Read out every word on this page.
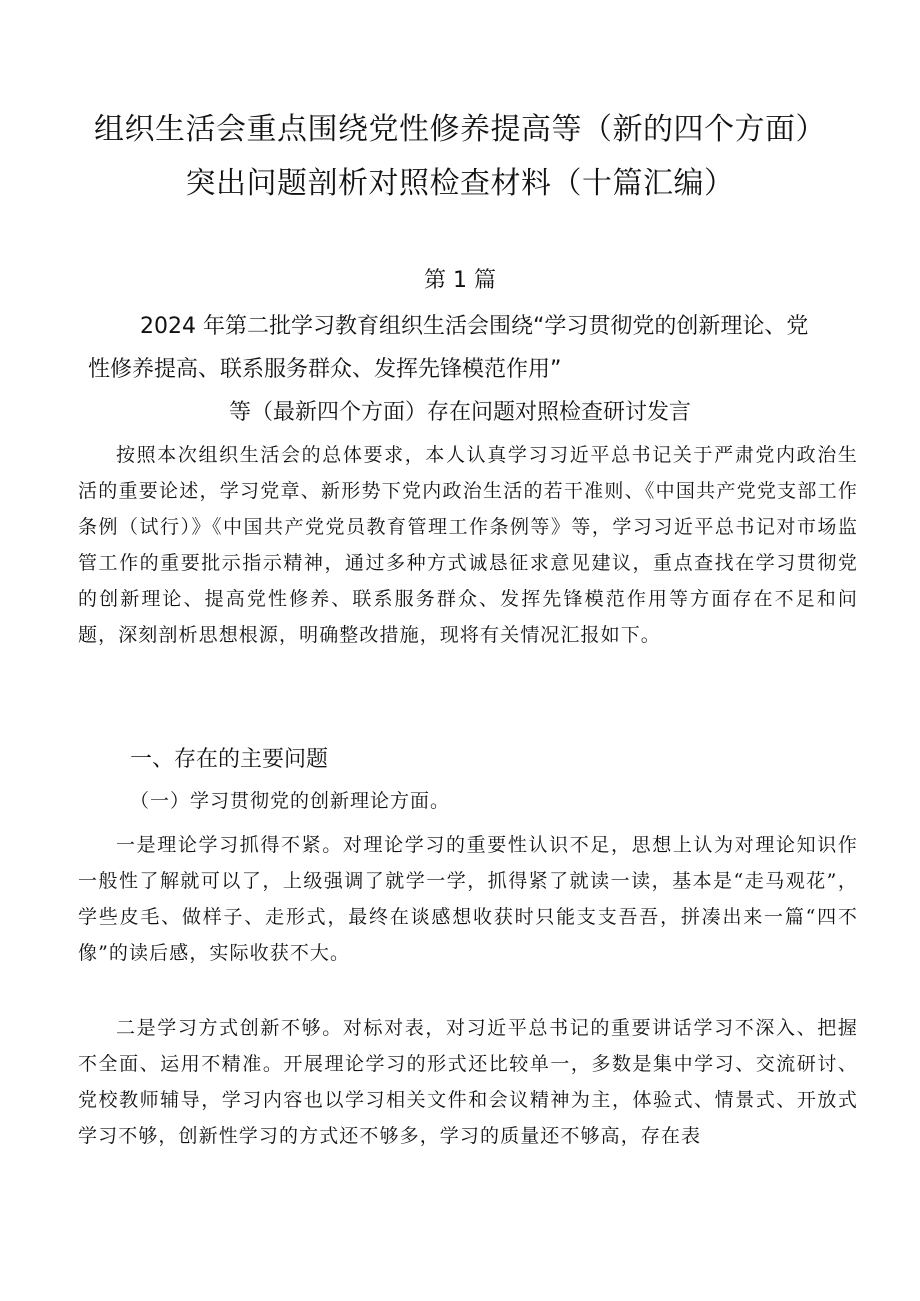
组织生活会重点围绕党性修养提高等（新的四个方面）
突出问题剖析对照检查材料（十篇汇编）
第 1 篇
2024 年第二批学习教育组织生活会围绕“学习贯彻党的创新理论、党
性修养提高、联系服务群众、发挥先锋模范作用”
等（最新四个方面）存在问题对照检查研讨发言

按照本次组织生活会的总体要求，本人认真学习习近平总书记关于严肃党内政治生活的重要论述，学习党章、新形势下党内政治生活的若干准则、《中国共产党党支部工作条例（试行）》《中国共产党党员教育管理工作条例等》等，学习习近平总书记对市场监管工作的重要批示指示精神，通过多种方式诚恳征求意见建议，重点查找在学习贯彻党的创新理论、提高党性修养、联系服务群众、发挥先锋模范作用等方面存在不足和问题，深刻剖析思想根源，明确整改措施，现将有关情况汇报如下。

一、存在的主要问题
（一）学习贯彻党的创新理论方面。

一是理论学习抓得不紧。对理论学习的重要性认识不足，思想上认为对理论知识作一般性了解就可以了，上级强调了就学一学，抓得紧了就读一读，基本是“走马观花”，学些皮毛、做样子、走形式，最终在谈感想收获时只能支支吾吾，拼凑出来一篇“四不像”的读后感，实际收获不大。

二是学习方式创新不够。对标对表，对习近平总书记的重要讲话学习不深入、把握不全面、运用不精准。开展理论学习的形式还比较单一，多数是集中学习、交流研讨、党校教师辅导，学习内容也以学习相关文件和会议精神为主，体验式、情景式、开放式学习不够，创新性学习的方式还不够多，学习的质量还不够高，存在表
